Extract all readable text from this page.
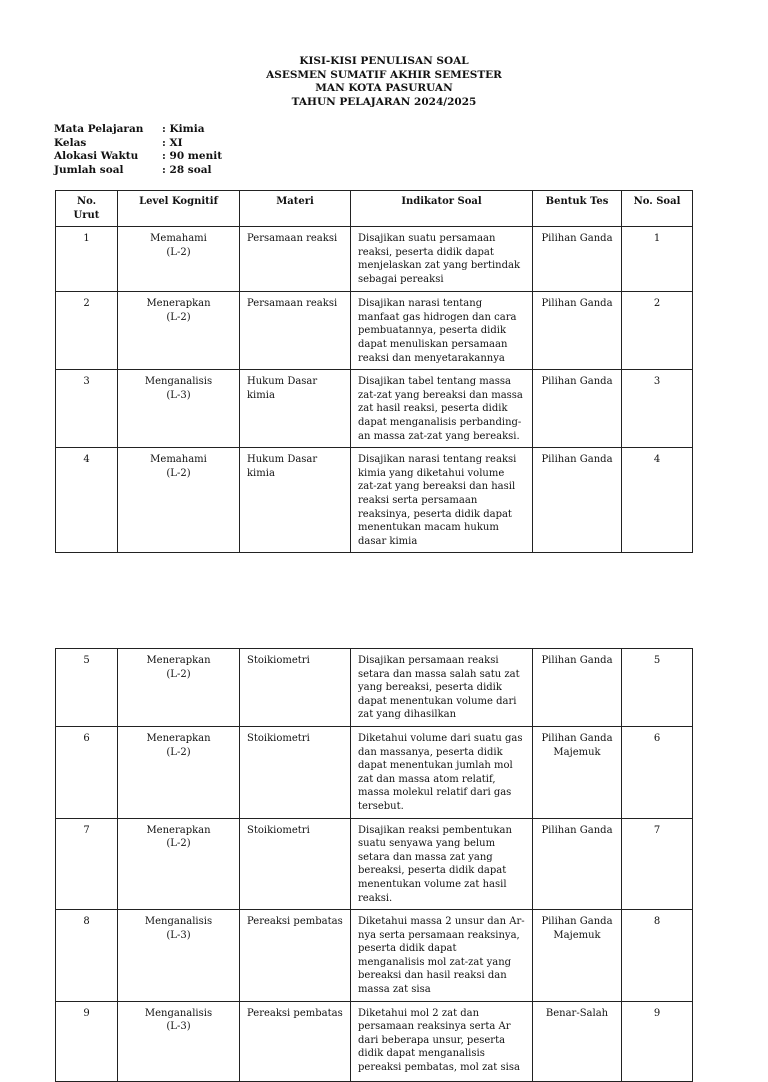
KISI-KISI PENULISAN SOAL
ASESMEN SUMATIF AKHIR SEMESTER
MAN KOTA PASURUAN
TAHUN PELAJARAN 2024/2025
Mata Pelajaran	: Kimia
Kelas	: XI
Alokasi Waktu	: 90 menit
Jumlah soal	: 28 soal
No. Urut	Level Kognitif	Materi	Indikator Soal	Bentuk Tes	No. Soal
1	Memahami
(L-2)	Persamaan reaksi	Disajikan suatu persamaan reaksi, peserta didik dapat menjelaskan zat yang bertindak sebagai pereaksi	Pilihan Ganda	1
2	Menerapkan
(L-2)	Persamaan reaksi	Disajikan narasi tentang manfaat gas hidrogen dan cara pembuatannya, peserta didik dapat menuliskan persamaan reaksi dan menyetarakannya	Pilihan Ganda	2
3	Menganalisis
(L-3)	Hukum Dasar kimia	Disajikan tabel tentang massa zat-zat yang bereaksi dan massa zat hasil reaksi, peserta didik dapat menganalisis perbanding-an massa zat-zat yang bereaksi.	Pilihan Ganda	3
4	Memahami
(L-2)	Hukum Dasar kimia	Disajikan narasi tentang reaksi kimia yang diketahui volume zat-zat yang bereaksi dan hasil reaksi serta persamaan reaksinya, peserta didik dapat menentukan macam hukum dasar kimia	Pilihan Ganda	4
5	Menerapkan
(L-2)	Stoikiometri	Disajikan persamaan reaksi setara dan massa salah satu zat yang bereaksi, peserta didik dapat menentukan volume dari zat yang dihasilkan	Pilihan Ganda	5
6	Menerapkan
(L-2)	Stoikiometri	Diketahui volume dari suatu gas dan massanya, peserta didik dapat menentukan jumlah mol zat dan massa atom relatif, massa molekul relatif dari gas tersebut.	Pilihan Ganda
Majemuk	6
7	Menerapkan
(L-2)	Stoikiometri	Disajikan reaksi pembentukan suatu senyawa yang belum setara dan massa zat yang bereaksi, peserta didik dapat menentukan volume zat hasil reaksi.	Pilihan Ganda	7
8	Menganalisis
(L-3)	Pereaksi pembatas	Diketahui massa 2 unsur dan Ar-nya serta persamaan reaksinya, peserta didik dapat menganalisis mol zat-zat yang bereaksi dan hasil reaksi dan massa zat sisa	Pilihan Ganda
Majemuk	8
9	Menganalisis
(L-3)	Pereaksi pembatas	Diketahui mol 2 zat dan persamaan reaksinya serta Ar dari beberapa unsur, peserta didik dapat menganalisis pereaksi pembatas, mol zat sisa	Benar-Salah	9
